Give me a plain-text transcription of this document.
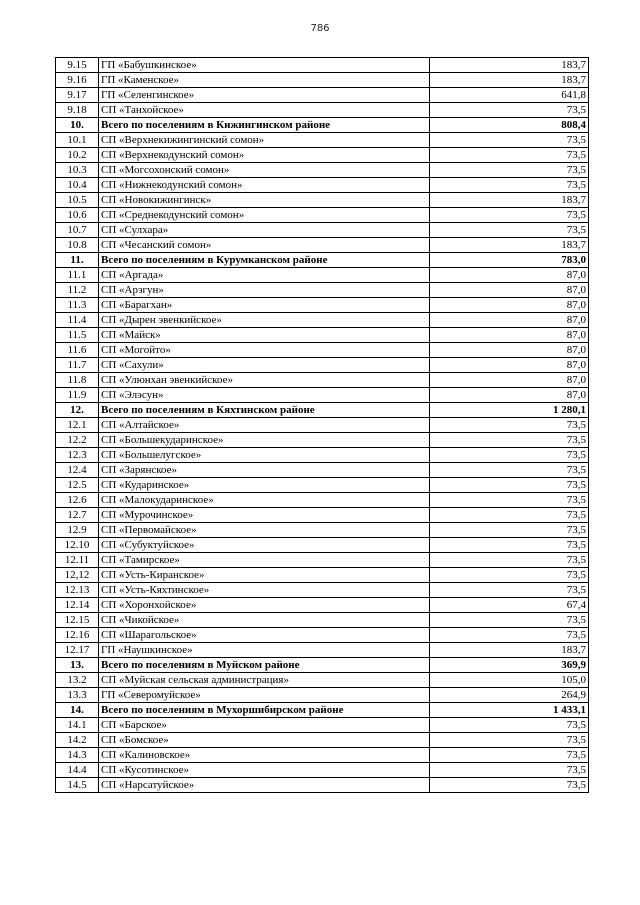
786
9.15	ГП «Бабушкинское»	183,7
9.16	ГП «Каменское»	183,7
9.17	ГП «Селенгинское»	641,8
9.18	СП «Танхойское»	73,5
10.	Всего по поселениям в Кижингинском районе	808,4
10.1	СП «Верхнекижингинский сомон»	73,5
10.2	СП «Верхнекодунский сомон»	73,5
10.3	СП «Могсохонский сомон»	73,5
10.4	СП «Нижнекодунский сомон»	73,5
10.5	СП «Новокижингинск»	183,7
10.6	СП «Среднекодунский сомон»	73,5
10.7	СП «Сулхара»	73,5
10.8	СП «Чесанский сомон»	183,7
11.	Всего по поселениям в Курумканском районе	783,0
11.1	СП «Аргада»	87,0
11.2	СП «Арзгун»	87,0
11.3	СП «Барагхан»	87,0
11.4	СП «Дырен эвенкийское»	87,0
11.5	СП «Майск»	87,0
11.6	СП «Могойто»	87,0
11.7	СП «Сахули»	87,0
11.8	СП «Улюнхан эвенкийское»	87,0
11.9	СП «Элэсун»	87,0
12.	Всего по поселениям в Кяхтинском районе	1 280,1
12.1	СП «Алтайское»	73,5
12.2	СП «Большекударинское»	73,5
12.3	СП «Большелугское»	73,5
12.4	СП «Зарянское»	73,5
12.5	СП «Кударинское»	73,5
12.6	СП «Малокударинское»	73,5
12.7	СП «Мурочинское»	73,5
12.9	СП «Первомайское»	73,5
12.10	СП «Субуктуйское»	73,5
12.11	СП «Тамирское»	73,5
12,12	СП «Усть-Киранское»	73,5
12.13	СП «Усть-Кяхтинское»	73,5
12.14	СП «Хоронхойское»	67,4
12.15	СП «Чикойское»	73,5
12.16	СП «Шарагольское»	73,5
12.17	ГП «Наушкинское»	183,7
13.	Всего по поселениям в Муйском районе	369,9
13.2	СП «Муйская сельская администрация»	105,0
13.3	ГП «Северомуйское»	264,9
14.	Всего по поселениям в Мухоршибирском районе	1 433,1
14.1	СП «Барское»	73,5
14.2	СП «Бомское»	73,5
14.3	СП «Калиновское»	73,5
14.4	СП «Кусотинское»	73,5
14.5	СП «Нарсатуйское»	73,5
